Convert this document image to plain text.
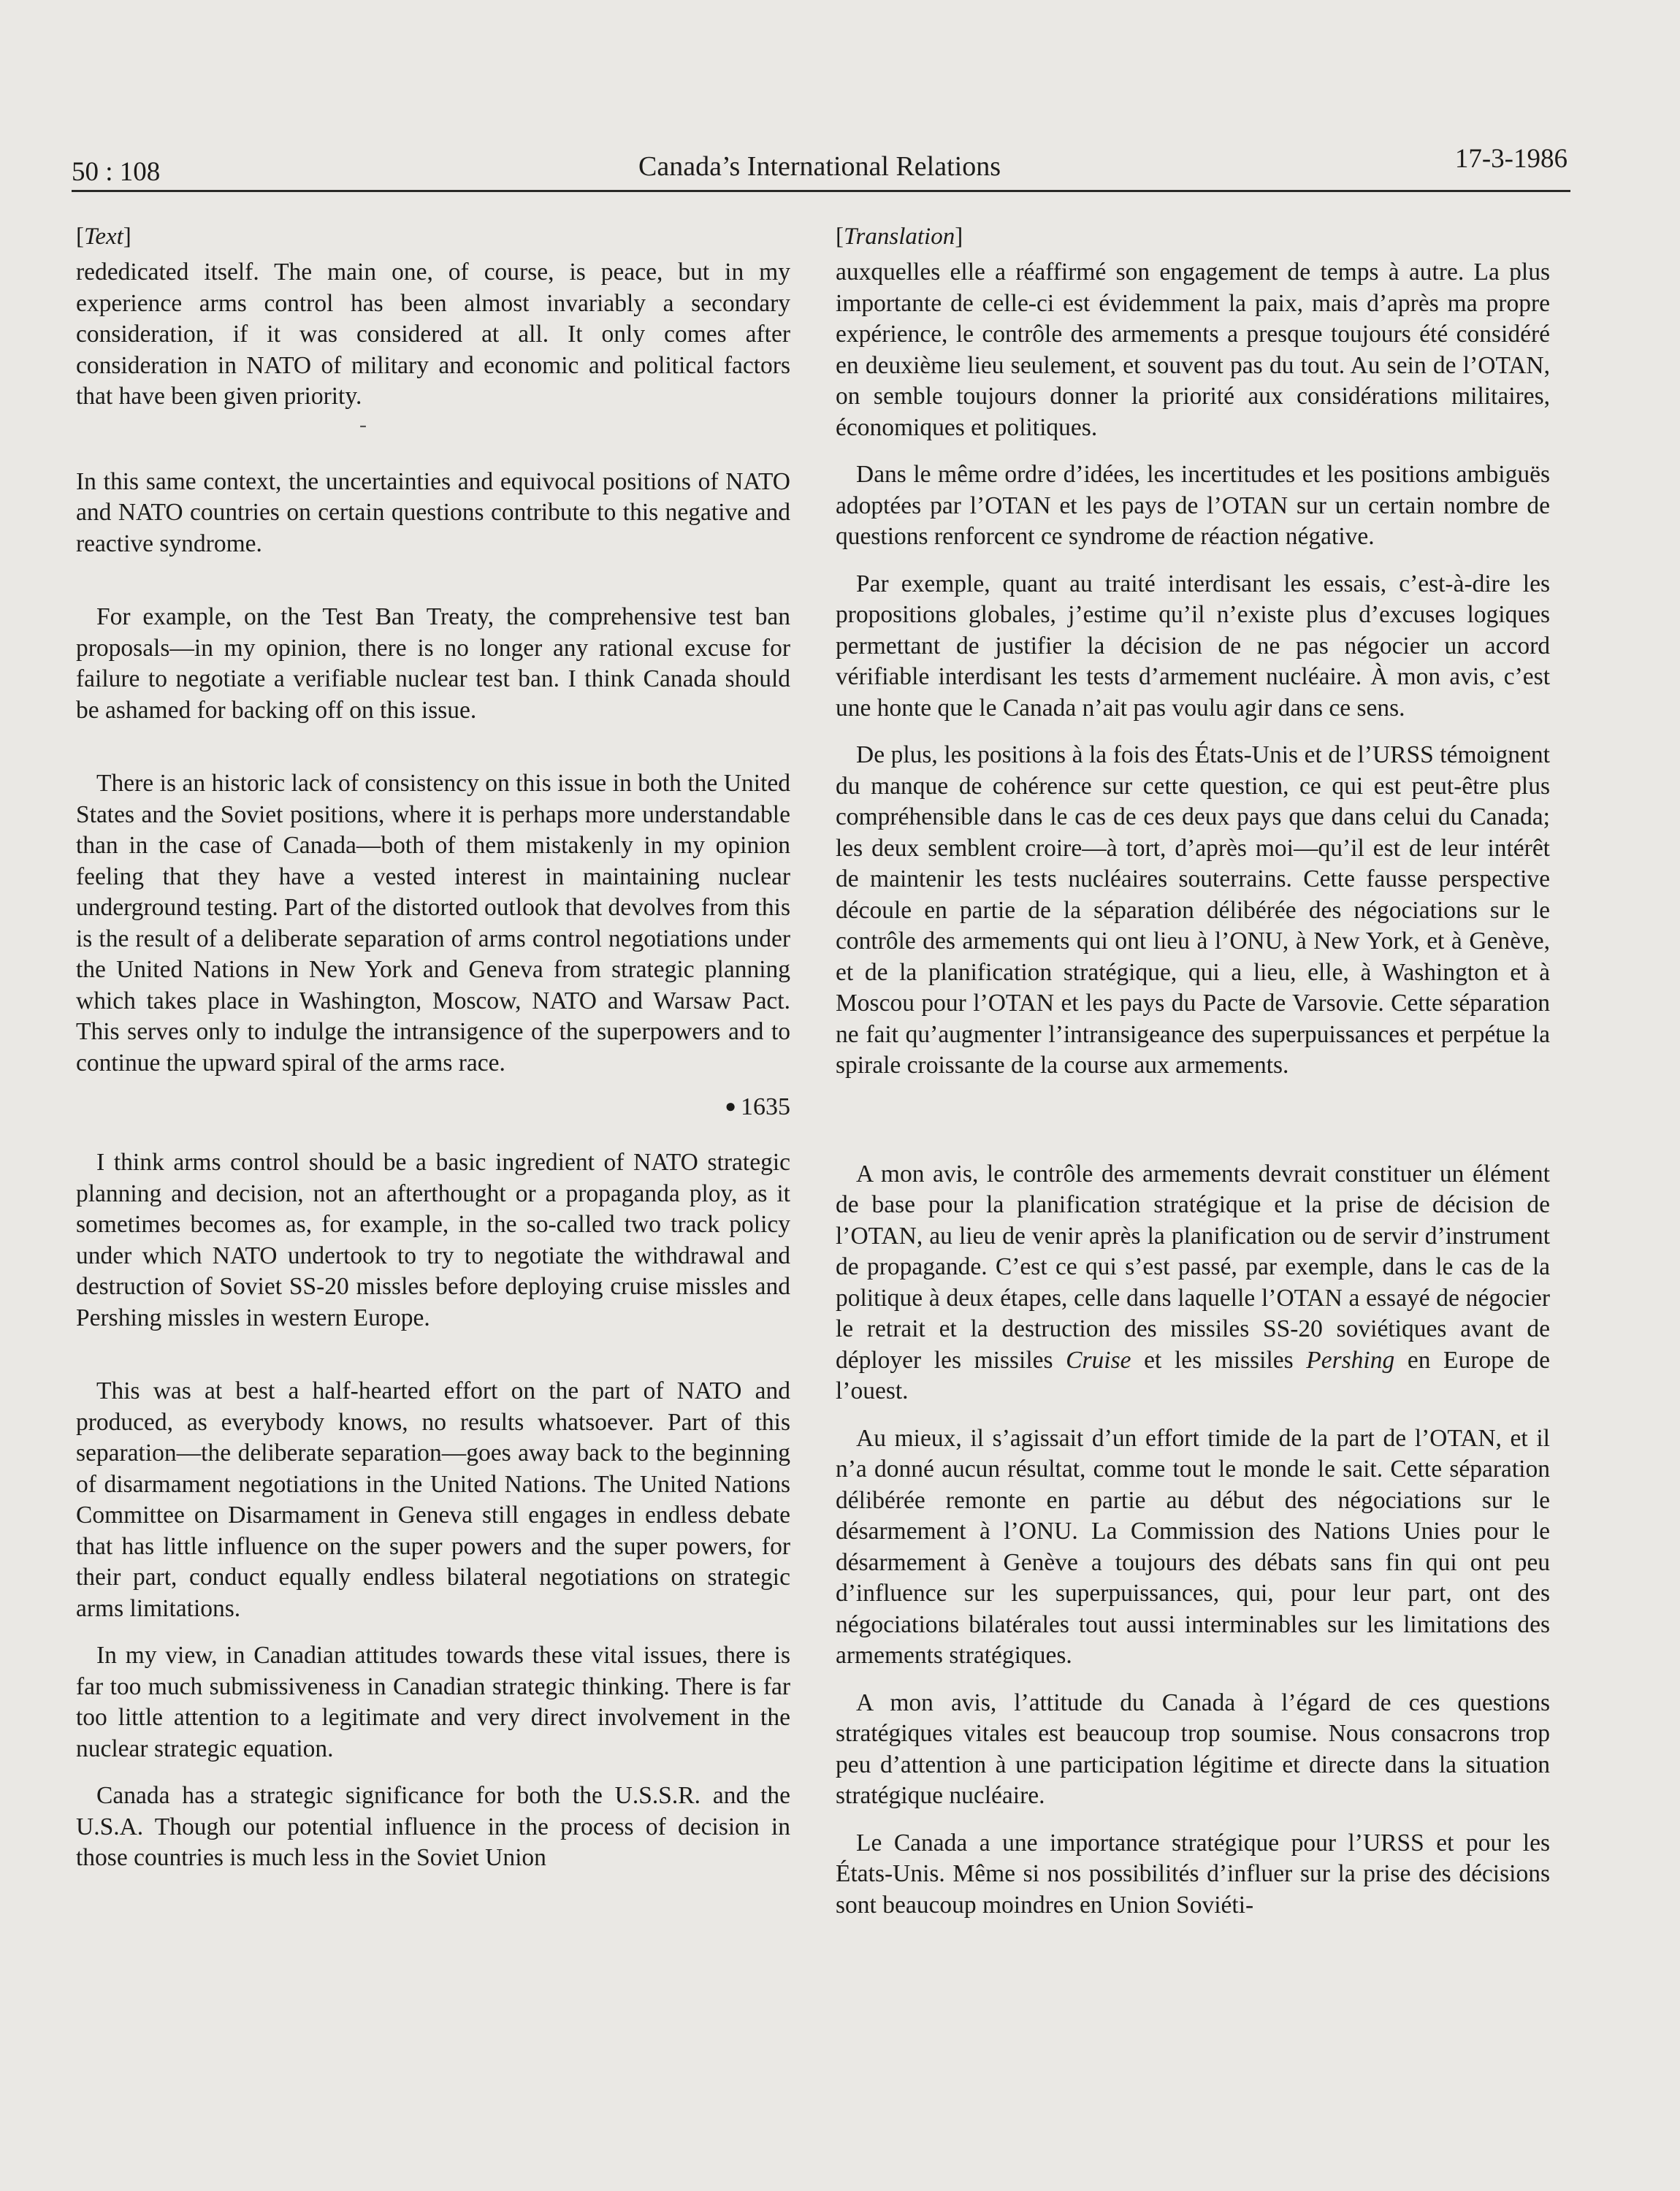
50 : 108	Canada’s International Relations	17-3-1986
[Text]

rededicated itself. The main one, of course, is peace, but in my experience arms control has been almost invariably a secondary consideration, if it was considered at all. It only comes after consideration in NATO of military and economic and political factors that have been given priority.

-

In this same context, the uncertainties and equivocal positions of NATO and NATO countries on certain questions contribute to this negative and reactive syndrome.

For example, on the Test Ban Treaty, the comprehensive test ban proposals—in my opinion, there is no longer any rational excuse for failure to negotiate a verifiable nuclear test ban. I think Canada should be ashamed for backing off on this issue.

There is an historic lack of consistency on this issue in both the United States and the Soviet positions, where it is perhaps more understandable than in the case of Canada—both of them mistakenly in my opinion feeling that they have a vested interest in maintaining nuclear underground testing. Part of the distorted outlook that devolves from this is the result of a deliberate separation of arms control negotiations under the United Nations in New York and Geneva from strategic planning which takes place in Washington, Moscow, NATO and Warsaw Pact. This serves only to indulge the intransigence of the superpowers and to continue the upward spiral of the arms race.

● 1635

I think arms control should be a basic ingredient of NATO strategic planning and decision, not an afterthought or a propaganda ploy, as it sometimes becomes as, for example, in the so-called two track policy under which NATO undertook to try to negotiate the withdrawal and destruction of Soviet SS-20 missles before deploying cruise missles and Pershing missles in western Europe.

This was at best a half-hearted effort on the part of NATO and produced, as everybody knows, no results whatsoever. Part of this separation—the deliberate separation—goes away back to the beginning of disarmament negotiations in the United Nations. The United Nations Committee on Disarmament in Geneva still engages in endless debate that has little influence on the super powers and the super powers, for their part, conduct equally endless bilateral negotiations on strategic arms limitations.

In my view, in Canadian attitudes towards these vital issues, there is far too much submissiveness in Canadian strategic thinking. There is far too little attention to a legitimate and very direct involvement in the nuclear strategic equation.

Canada has a strategic significance for both the U.S.S.R. and the U.S.A. Though our potential influence in the process of decision in those countries is much less in the Soviet Union

[Translation]

auxquelles elle a réaffirmé son engagement de temps à autre. La plus importante de celle-ci est évidemment la paix, mais d’après ma propre expérience, le contrôle des armements a presque toujours été considéré en deuxième lieu seulement, et souvent pas du tout. Au sein de l’OTAN, on semble toujours donner la priorité aux considérations militaires, économiques et politiques.

Dans le même ordre d’idées, les incertitudes et les positions ambiguës adoptées par l’OTAN et les pays de l’OTAN sur un certain nombre de questions renforcent ce syndrome de réaction négative.

Par exemple, quant au traité interdisant les essais, c’est-à-dire les propositions globales, j’estime qu’il n’existe plus d’excuses logiques permettant de justifier la décision de ne pas négocier un accord vérifiable interdisant les tests d’armement nucléaire. À mon avis, c’est une honte que le Canada n’ait pas voulu agir dans ce sens.

De plus, les positions à la fois des États-Unis et de l’URSS témoignent du manque de cohérence sur cette question, ce qui est peut-être plus compréhensible dans le cas de ces deux pays que dans celui du Canada; les deux semblent croire—à tort, d’après moi—qu’il est de leur intérêt de maintenir les tests nucléaires souterrains. Cette fausse perspective découle en partie de la séparation délibérée des négociations sur le contrôle des armements qui ont lieu à l’ONU, à New York, et à Genève, et de la planification stratégique, qui a lieu, elle, à Washington et à Moscou pour l’OTAN et les pays du Pacte de Varsovie. Cette séparation ne fait qu’augmenter l’intransigeance des superpuissances et perpétue la spirale croissante de la course aux armements.

A mon avis, le contrôle des armements devrait constituer un élément de base pour la planification stratégique et la prise de décision de l’OTAN, au lieu de venir après la planification ou de servir d’instrument de propagande. C’est ce qui s’est passé, par exemple, dans le cas de la politique à deux étapes, celle dans laquelle l’OTAN a essayé de négocier le retrait et la destruction des missiles SS-20 soviétiques avant de déployer les missiles Cruise et les missiles Pershing en Europe de l’ouest.

Au mieux, il s’agissait d’un effort timide de la part de l’OTAN, et il n’a donné aucun résultat, comme tout le monde le sait. Cette séparation délibérée remonte en partie au début des négociations sur le désarmement à l’ONU. La Commission des Nations Unies pour le désarmement à Genève a toujours des débats sans fin qui ont peu d’influence sur les superpuissances, qui, pour leur part, ont des négociations bilatérales tout aussi interminables sur les limitations des armements stratégiques.

A mon avis, l’attitude du Canada à l’égard de ces questions stratégiques vitales est beaucoup trop soumise. Nous consacrons trop peu d’attention à une participation légitime et directe dans la situation stratégique nucléaire.

Le Canada a une importance stratégique pour l’URSS et pour les États-Unis. Même si nos possibilités d’influer sur la prise des décisions sont beaucoup moindres en Union Soviéti-
